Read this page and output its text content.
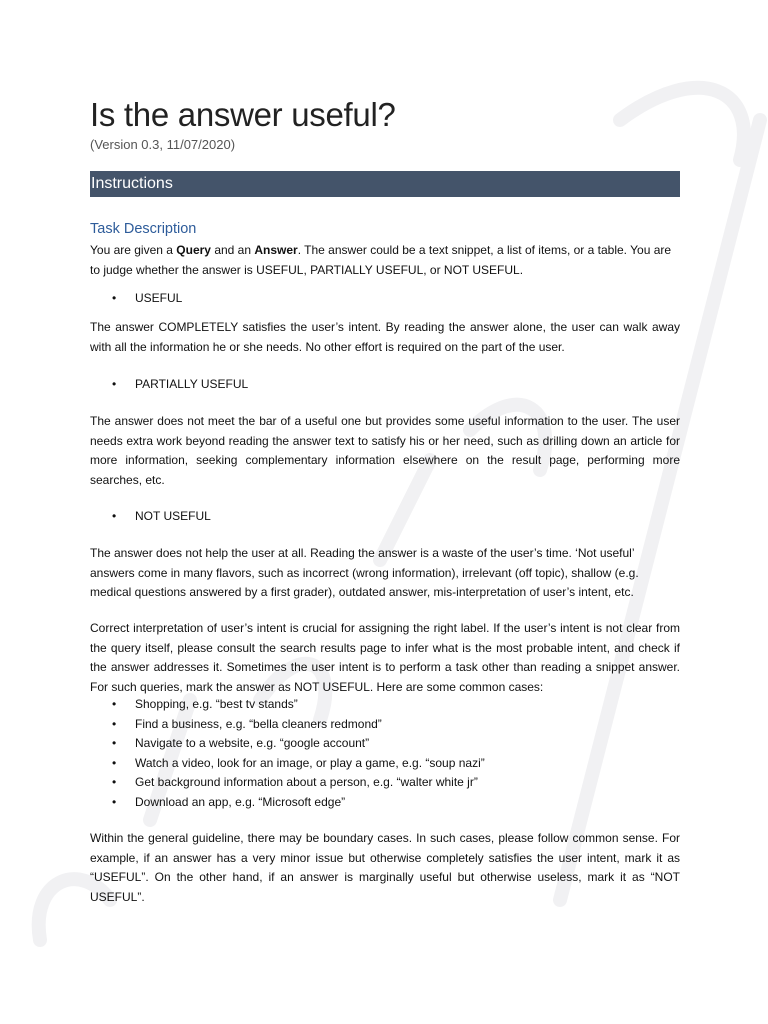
Is the answer useful?
(Version 0.3, 11/07/2020)
Instructions
Task Description
You are given a Query and an Answer. The answer could be a text snippet, a list of items, or a table. You are to judge whether the answer is USEFUL, PARTIALLY USEFUL, or NOT USEFUL.
• USEFUL
The answer COMPLETELY satisfies the user’s intent. By reading the answer alone, the user can walk away with all the information he or she needs. No other effort is required on the part of the user.
• PARTIALLY USEFUL
The answer does not meet the bar of a useful one but provides some useful information to the user. The user needs extra work beyond reading the answer text to satisfy his or her need, such as drilling down an article for more information, seeking complementary information elsewhere on the result page, performing more searches, etc.
• NOT USEFUL
The answer does not help the user at all. Reading the answer is a waste of the user’s time. ‘Not useful’ answers come in many flavors, such as incorrect (wrong information), irrelevant (off topic), shallow (e.g. medical questions answered by a first grader), outdated answer, mis-interpretation of user’s intent, etc.
Correct interpretation of user’s intent is crucial for assigning the right label. If the user’s intent is not clear from the query itself, please consult the search results page to infer what is the most probable intent, and check if the answer addresses it. Sometimes the user intent is to perform a task other than reading a snippet answer. For such queries, mark the answer as NOT USEFUL. Here are some common cases:
• Shopping, e.g. “best tv stands”
• Find a business, e.g. “bella cleaners redmond”
• Navigate to a website, e.g. “google account”
• Watch a video, look for an image, or play a game, e.g. “soup nazi”
• Get background information about a person, e.g. “walter white jr”
• Download an app, e.g. “Microsoft edge”
Within the general guideline, there may be boundary cases. In such cases, please follow common sense. For example, if an answer has a very minor issue but otherwise completely satisfies the user intent, mark it as “USEFUL”. On the other hand, if an answer is marginally useful but otherwise useless, mark it as “NOT USEFUL”.
